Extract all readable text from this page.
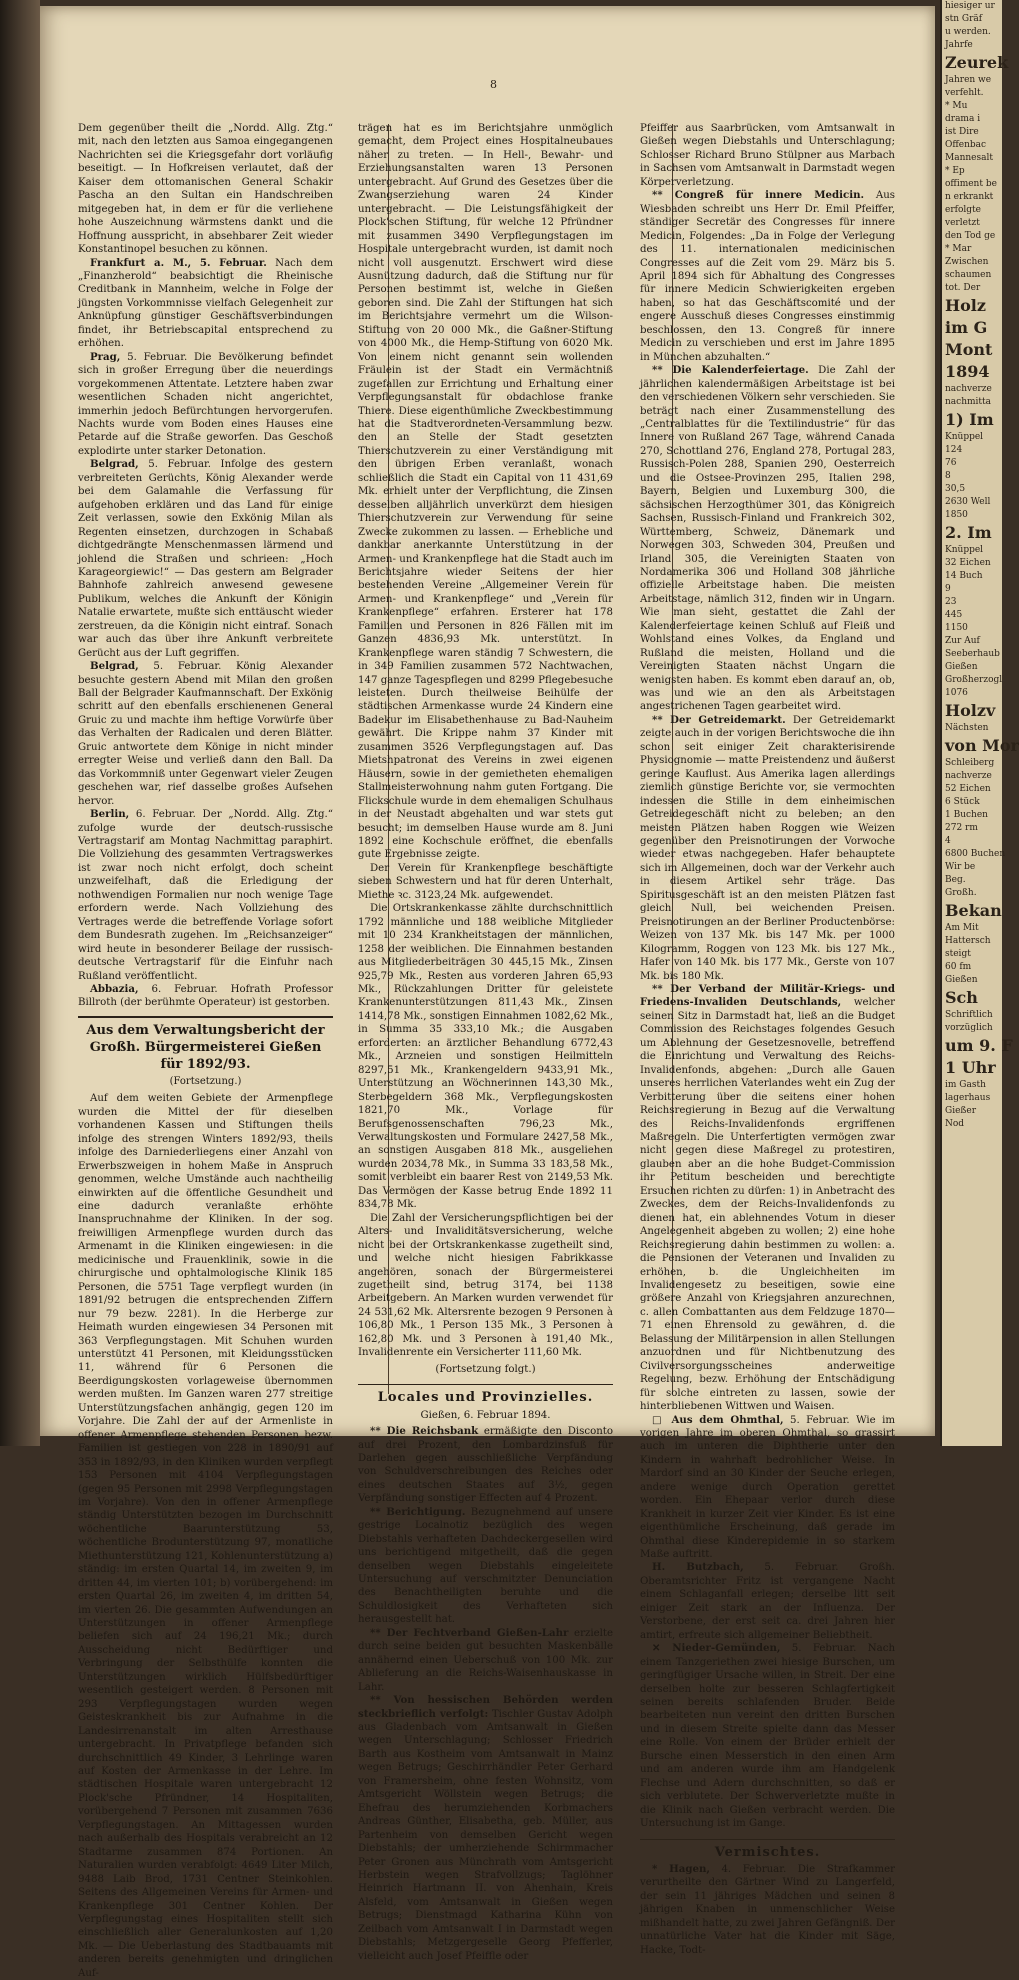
8

Dem gegenüber theilt die „Nordd. Allg. Ztg.“ mit, nach den letzten aus Samoa eingegangenen Nachrichten sei die Kriegsgefahr dort vorläufig beseitigt. — In Hofkreisen verlautet, daß der Kaiser dem ottomanischen General Schakir Pascha an den Sultan ein Handschreiben mitgegeben hat, in dem er für die verliehene hohe Auszeichnung wärmstens dankt und die Hoffnung ausspricht, in absehbarer Zeit wieder Konstantinopel besuchen zu können.

Frankfurt a. M., 5. Februar. Nach dem „Finanzherold“ beabsichtigt die Rheinische Creditbank in Mannheim, welche in Folge der jüngsten Vorkommnisse vielfach Gelegenheit zur Anknüpfung günstiger Geschäftsverbindungen findet, ihr Betriebscapital entsprechend zu erhöhen.

Prag, 5. Februar. Die Bevölkerung befindet sich in großer Erregung über die neuerdings vorgekommenen Attentate. Letztere haben zwar wesentlichen Schaden nicht angerichtet, immerhin jedoch Befürchtungen hervorgerufen. Nachts wurde vom Boden eines Hauses eine Petarde auf die Straße geworfen. Das Geschoß explodirte unter starker Detonation.

Belgrad, 5. Februar. Infolge des gestern verbreiteten Gerüchts, König Alexander werde bei dem Galamahle die Verfassung für aufgehoben erklären und das Land für einige Zeit verlassen, sowie den Exkönig Milan als Regenten einsetzen, durchzogen in Schabaß dichtgedrängte Menschenmassen lärmend und johlend die Straßen und schrieen: „Hoch Karageorgiewic!“ — Das gestern am Belgrader Bahnhofe zahlreich anwesend gewesene Publikum, welches die Ankunft der Königin Natalie erwartete, mußte sich enttäuscht wieder zerstreuen, da die Königin nicht eintraf. Sonach war auch das über ihre Ankunft verbreitete Gerücht aus der Luft gegriffen.

Belgrad, 5. Februar. König Alexander besuchte gestern Abend mit Milan den großen Ball der Belgrader Kaufmannschaft. Der Exkönig schritt auf den ebenfalls erschienenen General Gruic zu und machte ihm heftige Vorwürfe über das Verhalten der Radicalen und deren Blätter. Gruic antwortete dem Könige in nicht minder erregter Weise und verließ dann den Ball. Da das Vorkommniß unter Gegenwart vieler Zeugen geschehen war, rief dasselbe großes Aufsehen hervor.

Berlin, 6. Februar. Der „Nordd. Allg. Ztg.“ zufolge wurde der deutsch-russische Vertragstarif am Montag Nachmittag paraphirt. Die Vollziehung des gesammten Vertragswerkes ist zwar noch nicht erfolgt, doch scheint unzweifelhaft, daß die Erledigung der nothwendigen Formalien nur noch wenige Tage erfordern werde. Nach Vollziehung des Vertrages werde die betreffende Vorlage sofort dem Bundesrath zugehen. Im „Reichsanzeiger“ wird heute in besonderer Beilage der russisch-deutsche Vertragstarif für die Einfuhr nach Rußland veröffentlicht.

Abbazia, 6. Februar. Hofrath Professor Billroth (der berühmte Operateur) ist gestorben.

Aus dem Verwaltungsbericht der Großh. Bürgermeisterei Gießen für 1892/93.
(Fortsetzung.)

Auf dem weiten Gebiete der Armenpflege wurden die Mittel der für dieselben vorhandenen Kassen und Stiftungen theils infolge des strengen Winters 1892/93, theils infolge des Darniederliegens einer Anzahl von Erwerbszweigen in hohem Maße in Anspruch genommen, welche Umstände auch nachtheilig einwirkten auf die öffentliche Gesundheit und eine dadurch veranlaßte erhöhte Inanspruchnahme der Kliniken. In der sog. freiwilligen Armenpflege wurden durch das Armenamt in die Kliniken eingewiesen: in die medicinische und Frauenklinik, sowie in die chirurgische und ophtalmologische Klinik 185 Personen, die 5751 Tage verpflegt wurden (in 1891/92 betrugen die entsprechenden Ziffern nur 79 bezw. 2281). In die Herberge zur Heimath wurden eingewiesen 34 Personen mit 363 Verpflegungstagen. Mit Schuhen wurden unterstützt 41 Personen, mit Kleidungsstücken 11, während für 6 Personen die Beerdigungskosten vorlageweise übernommen werden mußten. Im Ganzen waren 277 streitige Unterstützungsfachen anhängig, gegen 120 im Vorjahre. Die Zahl der auf der Armenliste in offener Armenpflege stehenden Personen bezw. Familien ist gestiegen von 228 in 1890/91 auf 353 in 1892/93, in den Kliniken wurden verpflegt 153 Personen mit 4104 Verpflegungstagen (gegen 95 Personen mit 2998 Verpflegungstagen im Vorjahre). Von den in offener Armenpflege ständig Unterstützten bezogen im Durchschnitt wöchentliche Baarunterstützung 53, wöchentliche Brodunterstützung 97, monatliche Miethunterstützung 121, Kohlenunterstützung a) ständig: im ersten Quartal 14, im zweiten 9, im dritten 44, im vierten 101; b) vorübergehend: im ersten Quartal 26, im zweiten 4, im dritten 54, im vierten 26. Die gesammten Aufwendungen an Unterstützungen in offener Armenpflege beliefen sich auf 24 196,21 Mk.; durch Ausscheidung nicht Bedürftiger und Verbringung der Selbsthülfe konnten die Unterstützungen wirklich Hülfsbedürftiger wesentlich gesteigert werden. 8 Personen mit 293 Verpflegungstagen wurden wegen Geisteskrankheit bis zur Aufnahme in die Landesirrenanstalt im alten Arresthause untergebracht. In Privatpflege befanden sich durchschnittlich 49 Kinder, 3 Lehrlinge waren auf Kosten der Armenkasse in der Lehre. Im städtischen Hospitale waren untergebracht 12 Plock'sche Pfründner, 14 Hospitaliten, vorübergehend 7 Personen mit zusammen 7636 Verpflegungstagen. An Mittagessen wurden nach außerhalb des Hospitals verabreicht an 12 Stadtarme zusammen 874 Portionen. An Naturalien wurden verabfolgt: 4649 Liter Milch, 9488 Laib Brod, 1731 Centner Steinkohlen. Seitens des Allgemeinen Vereins für Armen- und Krankenpflege 301 Centner Kohlen. Der Verpflegungstag eines Hospitaliten stellt sich einschließlich aller Generalunkosten auf 1,20 Mk. — Die Ueberlastung des Stadtbauamts mit anderen bereits genehmigten und dringlichen Auf-

trägen hat es im Berichtsjahre unmöglich gemacht, dem Project eines Hospitalneubaues näher zu treten. — In Hell-, Bewahr- und Erziehungsanstalten waren 13 Personen untergebracht. Auf Grund des Gesetzes über die Zwangserziehung waren 24 Kinder untergebracht. — Die Leistungsfähigkeit der Plock'schen Stiftung, für welche 12 Pfründner mit zusammen 3490 Verpflegungstagen im Hospitale untergebracht wurden, ist damit noch nicht voll ausgenutzt. Erschwert wird diese Ausnützung dadurch, daß die Stiftung nur für Personen bestimmt ist, welche in Gießen geboren sind. Die Zahl der Stiftungen hat sich im Berichtsjahre vermehrt um die Wilson-Stiftung von 20 000 Mk., die Gaßner-Stiftung von 4000 Mk., die Hemp-Stiftung von 6020 Mk. Von einem nicht genannt sein wollenden Fräulein ist der Stadt ein Vermächtniß zugefallen zur Errichtung und Erhaltung einer Verpflegungsanstalt für obdachlose franke Thiere. Diese eigenthümliche Zweckbestimmung hat die Stadtverordneten-Versammlung bezw. den an Stelle der Stadt gesetzten Thierschutzverein zu einer Verständigung mit den übrigen Erben veranlaßt, wonach schließlich die Stadt ein Capital von 11 431,69 Mk. erhielt unter der Verpflichtung, die Zinsen desselben alljährlich unverkürzt dem hiesigen Thierschutzverein zur Verwendung für seine Zwecke zukommen zu lassen. — Erhebliche und dankbar anerkannte Unterstützung in der Armen- und Krankenpflege hat die Stadt auch im Berichtsjahre wieder Seitens der hier bestehenden Vereine „Allgemeiner Verein für Armen- und Krankenpflege“ und „Verein für Krankenpflege“ erfahren. Ersterer hat 178 Familien und Personen in 826 Fällen mit im Ganzen 4836,93 Mk. unterstützt. In Krankenpflege waren ständig 7 Schwestern, die in 349 Familien zusammen 572 Nachtwachen, 147 ganze Tagespflegen und 8299 Pflegebesuche leisteten. Durch theilweise Beihülfe der städtischen Armenkasse wurde 24 Kindern eine Badekur im Elisabethenhause zu Bad-Nauheim gewährt. Die Krippe nahm 37 Kinder mit zusammen 3526 Verpflegungstagen auf. Das Mietshpatronat des Vereins in zwei eigenen Häusern, sowie in der gemietheten ehemaligen Stallmeisterwohnung nahm guten Fortgang. Die Flickschule wurde in dem ehemaligen Schulhaus in der Neustadt abgehalten und war stets gut besucht; im demselben Hause wurde am 8. Juni 1892 eine Kochschule eröffnet, die ebenfalls gute Ergebnisse zeigte.

Der Verein für Krankenpflege beschäftigte sieben Schwestern und hat für deren Unterhalt, Miethe ꝛc. 3123,24 Mk. aufgewendet.

Die Ortskrankenkasse zählte durchschnittlich 1792 männliche und 188 weibliche Mitglieder mit 10 234 Krankheitstagen der männlichen, 1258 der weiblichen. Die Einnahmen bestanden aus Mitgliederbeiträgen 30 445,15 Mk., Zinsen 925,79 Mk., Resten aus vorderen Jahren 65,93 Mk., Rückzahlungen Dritter für geleistete Krankenunterstützungen 811,43 Mk., Zinsen 1414,78 Mk., sonstigen Einnahmen 1082,62 Mk., in Summa 35 333,10 Mk.; die Ausgaben erforderten: an ärztlicher Behandlung 6772,43 Mk., Arzneien und sonstigen Heilmitteln 8297,51 Mk., Krankengeldern 9433,91 Mk., Unterstützung an Wöchnerinnen 143,30 Mk., Sterbegeldern 368 Mk., Verpflegungskosten 1821,70 Mk., Vorlage für Berufsgenossenschaften 796,23 Mk., Verwaltungskosten und Formulare 2427,58 Mk., an sonstigen Ausgaben 818 Mk., ausgeliehen wurden 2034,78 Mk., in Summa 33 183,58 Mk., somit verbleibt ein baarer Rest von 2149,53 Mk. Das Vermögen der Kasse betrug Ende 1892 11 834,78 Mk.

Die Zahl der Versicherungspflichtigen bei der Alters- und Invaliditätsversicherung, welche nicht bei der Ortskrankenkasse zugetheilt sind, und welche nicht hiesigen Fabrikkasse angehören, sonach der Bürgermeisterei zugetheilt sind, betrug 3174, bei 1138 Arbeitgebern. An Marken wurden verwendet für 24 531,62 Mk. Altersrente bezogen 9 Personen à 106,80 Mk., 1 Person 135 Mk., 3 Personen à 162,80 Mk. und 3 Personen à 191,40 Mk., Invalidenrente ein Versicherter 111,60 Mk.

(Fortsetzung folgt.)
Locales und Provinzielles.
Gießen, 6. Februar 1894.

** Die Reichsbank ermäßigte den Disconto auf drei Prozent, den Lombardzinsfuß für Darlehen gegen ausschließliche Verpfändung von Schuldverschreibungen des Reiches oder eines deutschen Staates auf 3½, gegen Verpfändung sonstiger Effecten auf 4 Prozent.

** Berichtigung. Bezugnehmend auf unsere gestrige Localnotiz bezüglich des wegen Diebstahls verhafteten Dachdeckergesellen wird uns berichtigend mitgetheilt, daß die gegen denselben wegen Diebstahls eingeleitete Untersuchung auf verschmitzter Denunciation des Benachtheiligten beruhte und die Schuldlosigkeit des Verhafteten sich herausgestellt hat.

** Der Fechtverband Gießen-Lahr erzielte durch seine beiden gut besuchten Maskenbälle annähernd einen Ueberschuß von 100 Mk. zur Ablieferung an die Reichs-Waisenhauskasse in Lahr.

** Von hessischen Behörden werden steckbrieflich verfolgt: Tischler Gustav Adolph aus Gladenbach vom Amtsanwalt in Gießen wegen Unterschlagung; Schlosser Friedrich Barth aus Kostheim vom Amtsanwalt in Mainz wegen Betrugs; Geschirrhändler Peter Gerhard von Framersheim, ohne festen Wohnsitz, vom Amtsgericht Wöllstein wegen Betrugs; die Ehefrau des herumziehenden Korbmachers Andreas Günther, Elisabetha, geb. Müller, aus Partenheim von demselben Gericht wegen Diebstahls; der umherziehende Schirmmacher Peter Gronen aus Münchrath vom Amtsgericht Herbstein wegen Strafvollzugs; Taglöhner Heinrich Hartmann II. von Ahenhain, Kreis Alsfeld, vom Amtsanwalt in Gießen wegen Betrugs; Dienstmagd Katharina Kühn von Zeilbach vom Amtsanwalt I in Darmstadt wegen Diebstahls; Metzgergeselle Georg Pfefferler, vielleicht auch Josef Pfeiffle oder

Pfeiffer aus Saarbrücken, vom Amtsanwalt in Gießen wegen Diebstahls und Unterschlagung; Schlosser Richard Bruno Stülpner aus Marbach in Sachsen vom Amtsanwalt in Darmstadt wegen Körperverletzung.

** Congreß für innere Medicin. Aus Wiesbaden schreibt uns Herr Dr. Emil Pfeiffer, ständiger Secretär des Congresses für innere Medicin, Folgendes: „Da in Folge der Verlegung des 11. internationalen medicinischen Congresses auf die Zeit vom 29. März bis 5. April 1894 sich für Abhaltung des Congresses für innere Medicin Schwierigkeiten ergeben haben, so hat das Geschäftscomité und der engere Ausschuß dieses Congresses einstimmig beschlossen, den 13. Congreß für innere Medicin zu verschieben und erst im Jahre 1895 in München abzuhalten.“

** Die Kalenderfeiertage. Die Zahl der jährlichen kalendermäßigen Arbeitstage ist bei den verschiedenen Völkern sehr verschieden. Sie beträgt nach einer Zusammenstellung des „Centralblattes für die Textilindustrie“ für das Innere von Rußland 267 Tage, während Canada 270, Schottland 276, England 278, Portugal 283, Russisch-Polen 288, Spanien 290, Oesterreich und die Ostsee-Provinzen 295, Italien 298, Bayern, Belgien und Luxemburg 300, die sächsischen Herzogthümer 301, das Königreich Sachsen, Russisch-Finland und Frankreich 302, Württemberg, Schweiz, Dänemark und Norwegen 303, Schweden 304, Preußen und Irland 305, die Vereinigten Staaten von Nordamerika 306 und Holland 308 jährliche offizielle Arbeitstage haben. Die meisten Arbeitstage, nämlich 312, finden wir in Ungarn. Wie man sieht, gestattet die Zahl der Kalenderfeiertage keinen Schluß auf Fleiß und Wohlstand eines Volkes, da England und Rußland die meisten, Holland und die Vereinigten Staaten nächst Ungarn die wenigsten haben. Es kommt eben darauf an, ob, was und wie an den als Arbeitstagen angestrichenen Tagen gearbeitet wird.

** Der Getreidemarkt. Der Getreidemarkt zeigte auch in der vorigen Berichtswoche die ihn schon seit einiger Zeit charakterisirende Physiognomie — matte Preistendenz und äußerst geringe Kauflust. Aus Amerika lagen allerdings ziemlich günstige Berichte vor, sie vermochten indessen die Stille in dem einheimischen Getreidegeschäft nicht zu beleben; an den meisten Plätzen haben Roggen wie Weizen gegenüber den Preisnotirungen der Vorwoche wieder etwas nachgegeben. Hafer behauptete sich im Allgemeinen, doch war der Verkehr auch in diesem Artikel sehr träge. Das Spiritusgeschäft ist an den meisten Plätzen fast gleich Null, bei weichenden Preisen. Preisnotirungen an der Berliner Productenbörse: Weizen von 137 Mk. bis 147 Mk. per 1000 Kilogramm, Roggen von 123 Mk. bis 127 Mk., Hafer von 140 Mk. bis 177 Mk., Gerste von 107 Mk. bis 180 Mk.

** Der Verband der Militär-Kriegs- und Friedens-Invaliden Deutschlands, welcher seinen Sitz in Darmstadt hat, ließ an die Budget Commission des Reichstages folgendes Gesuch um Ablehnung der Gesetzesnovelle, betreffend die Einrichtung und Verwaltung des Reichs-Invalidenfonds, abgehen: „Durch alle Gauen unseres herrlichen Vaterlandes weht ein Zug der Verbitterung über die seitens einer hohen Reichsregierung in Bezug auf die Verwaltung des Reichs-Invalidenfonds ergriffenen Maßregeln. Die Unterfertigten vermögen zwar nicht gegen diese Maßregel zu protestiren, glauben aber an die hohe Budget-Commission ihr Petitum bescheiden und berechtigte Ersuchen richten zu dürfen: 1) in Anbetracht des Zweckes, dem der Reichs-Invalidenfonds zu dienen hat, ein ablehnendes Votum in dieser Angelegenheit abgeben zu wollen; 2) eine hohe Reichsregierung dahin bestimmen zu wollen: a. die Pensionen der Veteranen und Invaliden zu erhöhen, b. die Ungleichheiten im Invalidengesetz zu beseitigen, sowie eine größere Anzahl von Kriegsjahren anzurechnen, c. allen Combattanten aus dem Feldzuge 1870—71 einen Ehrensold zu gewähren, d. die Belassung der Militärpension in allen Stellungen anzuordnen und für Nichtbenutzung des Civilversorgungsscheines anderweitige Regelung, bezw. Erhöhung der Entschädigung für solche eintreten zu lassen, sowie der hinterbliebenen Wittwen und Waisen.

□ Aus dem Ohmthal, 5. Februar. Wie im vorigen Jahre im oberen Ohmthal, so grassirt auch im unteren die Diphtherie unter den Kindern in wahrhaft bedrohlicher Weise. In Mardorf sind an 30 Kinder der Seuche erlegen, andere wenige durch Operation gerettet worden. Ein Ehepaar verlor durch diese Krankheit in kurzer Zeit vier Kinder. Es ist eine eigenthümliche Erscheinung, daß gerade im Ohmthal diese Kinderepidemie in so starkem Maße auftritt.

H. Butzbach, 5. Februar. Großh. Oberamtsrichter Fritz ist vergangene Nacht einem Schlaganfall erlegen; derselbe litt seit einiger Zeit stark an der Influenza. Der Verstorbene, der erst seit ca. drei Jahren hier amtirt, erfreute sich allgemeiner Beliebtheit.

✕ Nieder-Gemünden, 5. Februar. Nach einem Tanzgeriethen zwei hiesige Burschen, um geringfügiger Ursache willen, in Streit. Der eine derselben holte zur besseren Schlagfertigkeit seinen bereits schlafenden Bruder. Beide bearbeiteten nun vereint den dritten Burschen und in diesem Streite spielte dann das Messer eine Rolle. Von einem der Brüder erhielt der Bursche einen Messerstich in den einen Arm und am anderen wurde ihm am Handgelenk Flechse und Adern durchschnitten, so daß er sich verblutete. Der Schwerverletzte mußte in die Klinik nach Gießen verbracht werden. Die Untersuchung ist im Gange.

Vermischtes.

* Hagen, 4. Februar. Die Strafkammer verurtheilte den Gärtner Wind zu Langerfeld, der sein 11 jähriges Mädchen und seinen 8 jährigen Knaben in unmenschlicher Weise mißhandelt hatte, zu zwei Jahren Gefängniß. Der unnatürliche Vater hat die Kinder mit Säge, Hacke, Todt-

hiesiger ur
stn Gräf
u werden.
Jahrfe
Zeurek
Jahren we
verfehlt.
* Mu
drama i
ist Dire
Offenbac
Mannesalt
* Ep
offiment be
n erkrankt
erfolgte
verletzt
den Tod ge
* Mar
Zwischen
schaumen
tot. Der
Holz
im G
Mont
1894
nachverze
nachmitta
1) Im
Knüppel
124
76
8
30,5
2630 Well
1850
2. Im
Knüppel
32 Eichen
14 Buch
9
23
445
1150
Zur Auf
Seeberhaub
Gießen
Großherzogl
1076
Holzv
Nächsten
von Mor
Schleiberg
nachverze
52 Eichen
6 Stück
1 Buchen
272 rm
4
6800 Buchen
Wir be
Beg.
Großh.
Bekan
Am Mit
Hattersch
steigt
60 fm
Gießen
Sch
Schriftlich
vorzüglich
um 9. F
1 Uhr
im Gasth
lagerhaus
Gießer
Nod
